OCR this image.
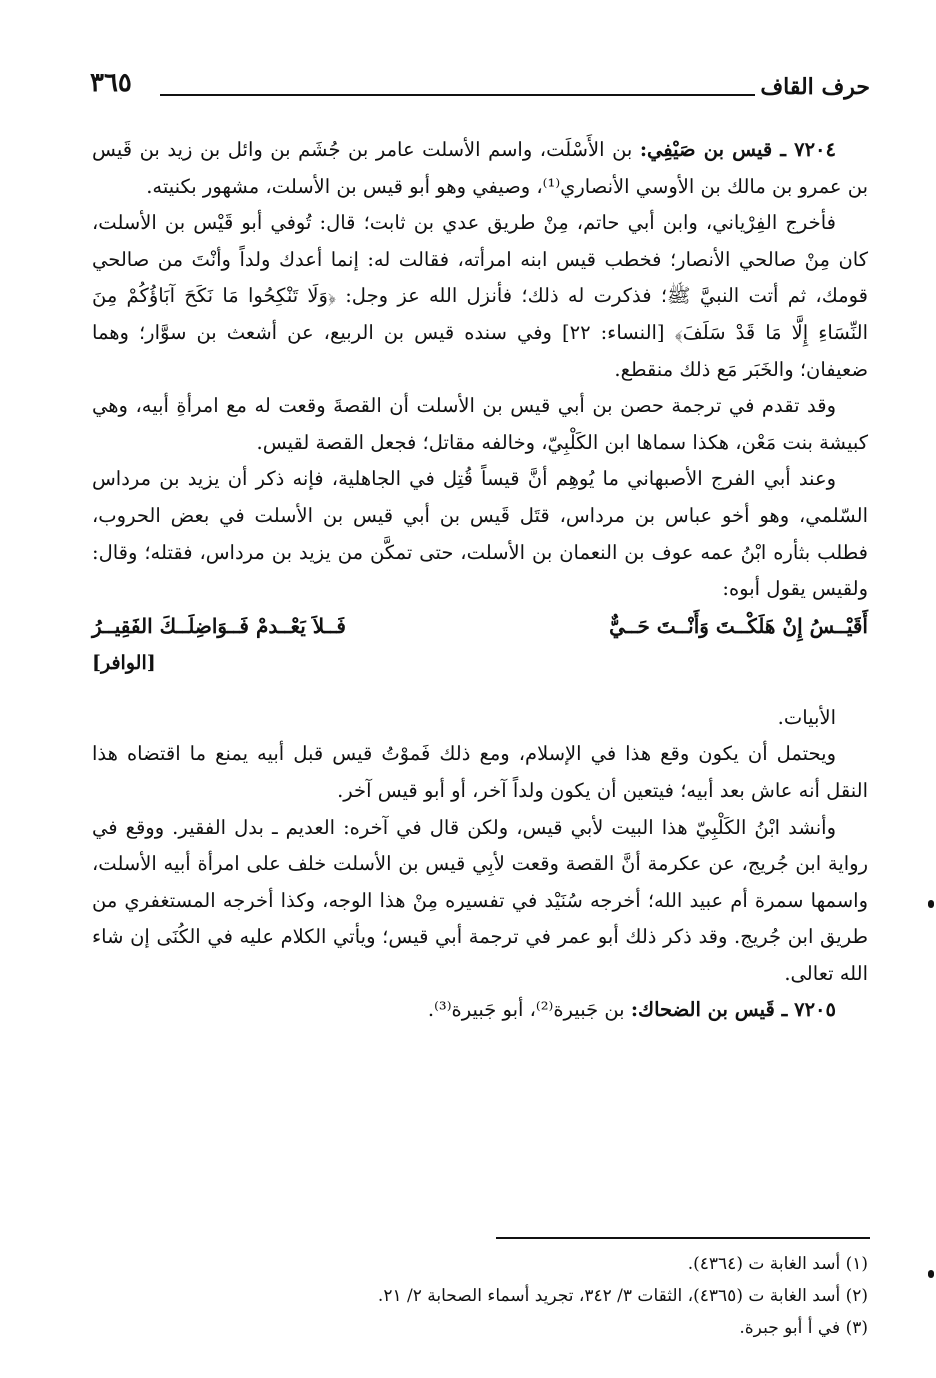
٣٦٥	حرف القاف

٧٢٠٤ ـ قيس بن صَيْفِي: بن الأَسْلَت، واسم الأسلت عامر بن جُشَم بن وائل بن زيد بن قَيس بن عمرو بن مالك بن الأوسي الأنصاري⁽¹⁾، وصيفي وهو أبو قيس بن الأسلت، مشهور بكنيته.

فأخرج الفِرْياني، وابن أبي حاتم، مِنْ طريق عدي بن ثابت؛ قال: تُوفي أبو قَيْس بن الأسلت، كان مِنْ صالحي الأنصار؛ فخطب قيس ابنه امرأته، فقالت له: إنما أعدك ولداً وأنْتَ من صالحي قومك، ثم أتت النبيَّ ﷺ؛ فذكرت له ذلك؛ فأنزل الله عز وجل: ﴿وَلَا تَنْكِحُوا مَا نَكَحَ آبَاؤُكُمْ مِنَ النِّسَاءِ إِلَّا مَا قَدْ سَلَفَ﴾ [النساء: ٢٢] وفي سنده قيس بن الربيع، عن أشعث بن سوَّار؛ وهما ضعيفان؛ والخَبَر مَع ذلك منقطع.

وقد تقدم في ترجمة حصن بن أبي قيس بن الأسلت أن القصةَ وقعت له مع امرأةِ أبيه، وهي كبيشة بنت مَعْن، هكذا سماها ابن الكَلْبِيّ، وخالفه مقاتل؛ فجعل القصة لقيس.

وعند أبي الفرج الأصبهاني ما يُوهِم أنَّ قيساً قُتِل في الجاهلية، فإنه ذكر أن يزيد بن مرداس السّلمي، وهو أخو عباس بن مرداس، قتَل قَيس بن أبي قيس بن الأسلت في بعض الحروب، فطلب بثأره ابْنُ عمه عوف بن النعمان بن الأسلت، حتى تمكَّن من يزيد بن مرداس، فقتله؛ وقال: ولقيس يقول أبوه:

أَقَيْــسُ إِنْ هَلَكْــتَ وَأَنْــتَ حَــيٌّ
فَــلاَ يَعْــدمْ فَــوَاضِلَــكَ الفَقِيــرُ
[الوافر]

الأبيات.

ويحتمل أن يكون وقع هذا في الإسلام، ومع ذلك فَموْتُ قيس قبل أبيه يمنع ما اقتضاه هذا النقل أنه عاش بعد أبيه؛ فيتعين أن يكون ولداً آخر، أو أبو قيس آخر.

وأنشد ابْنُ الكَلْبِيّ هذا البيت لأبي قيس، ولكن قال في آخره: العديم ـ بدل الفقير. ووقع في رواية ابن جُريج، عن عكرمة أنَّ القصة وقعت لأبِي قيس بن الأسلت خلف على امرأة أبيه الأسلت، واسمها سمرة أم عبيد الله؛ أخرجه سُنَيْد في تفسيره مِنْ هذا الوجه، وكذا أخرجه المستغفري من طريق ابن جُريج. وقد ذكر ذلك أبو عمر في ترجمة أبي قيس؛ ويأتي الكلام عليه في الكُنَى إن شاء الله تعالى.

٧٢٠٥ ـ قَيس بن الضحاك: بن جَبيرة⁽²⁾، أبو جَبيرة⁽³⁾.

(١) أسد الغابة ت (٤٣٦٤).
(٢) أسد الغابة ت (٤٣٦٥)، الثقات ٣/ ٣٤٢، تجريد أسماء الصحابة ٢/ ٢١.
(٣) في أ أبو جبرة.
